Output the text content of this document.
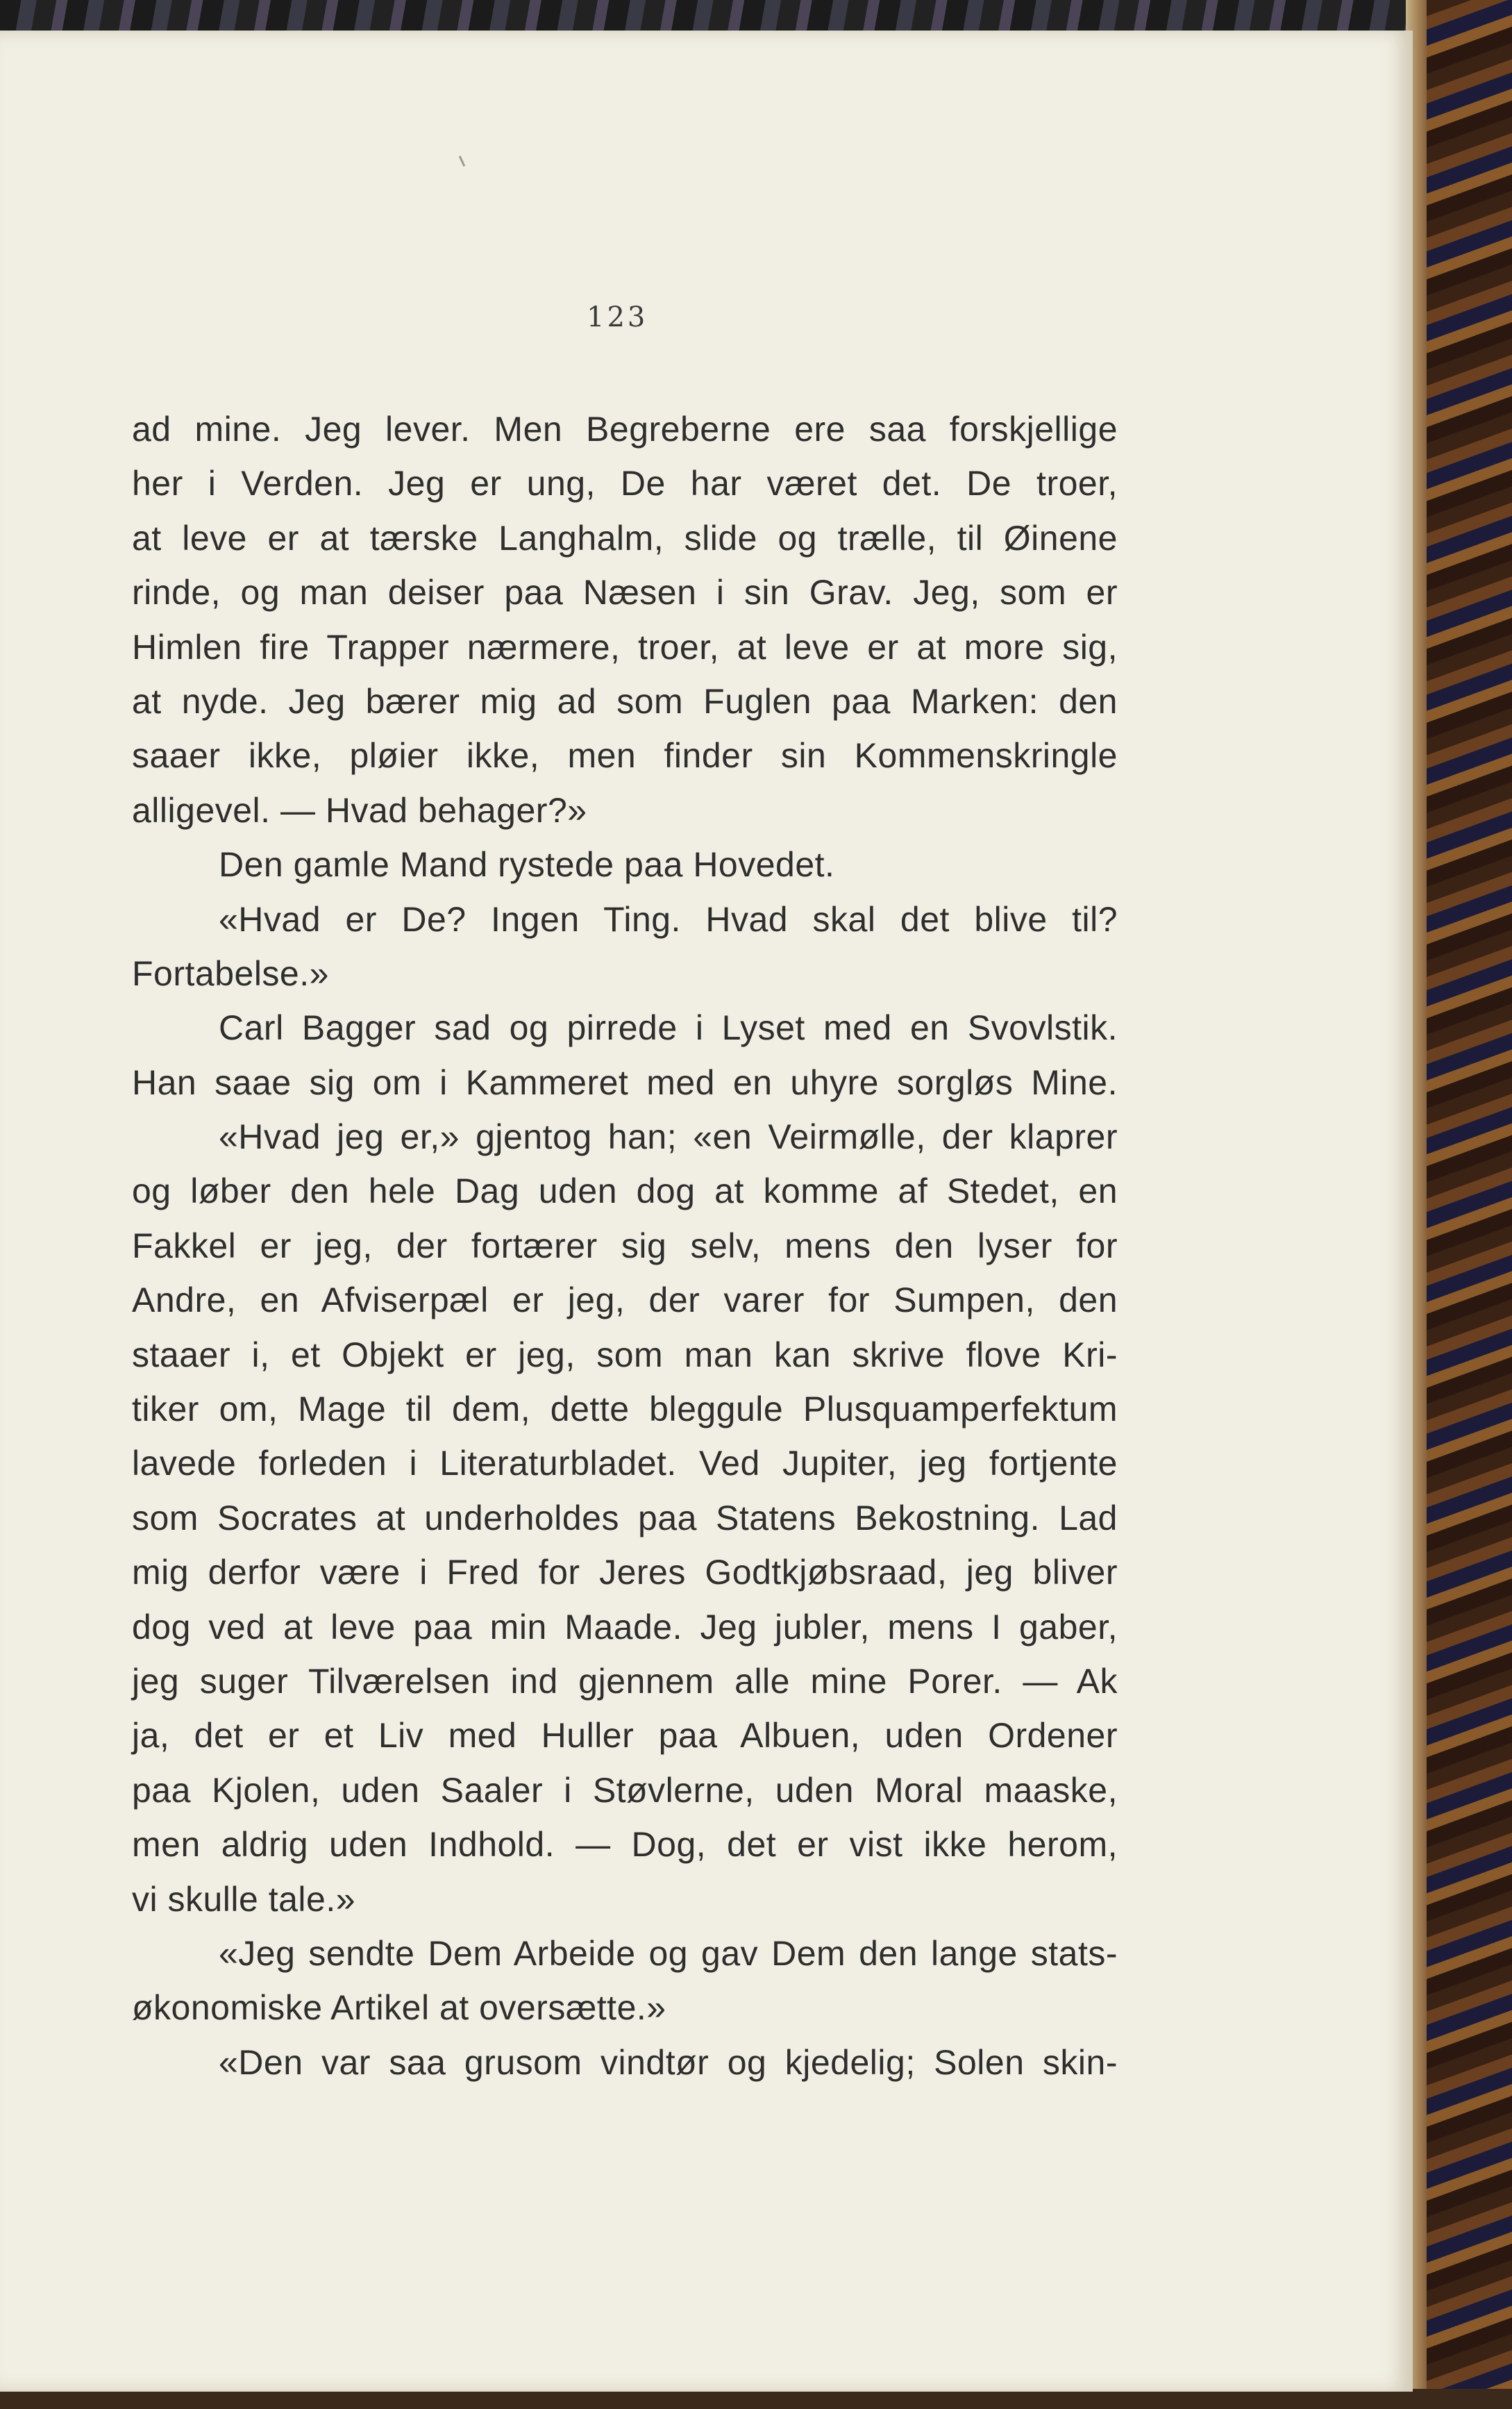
123
ad mine. Jeg lever. Men Begreberne ere saa forskjellige
her i Verden. Jeg er ung, De har været det. De troer,
at leve er at tærske Langhalm, slide og trælle, til Øinene
rinde, og man deiser paa Næsen i sin Grav. Jeg, som er
Himlen fire Trapper nærmere, troer, at leve er at more sig,
at nyde. Jeg bærer mig ad som Fuglen paa Marken: den
saaer ikke, pløier ikke, men finder sin Kommenskringle
alligevel. — Hvad behager?»
Den gamle Mand rystede paa Hovedet.
«Hvad er De? Ingen Ting. Hvad skal det blive til?
Fortabelse.»
Carl Bagger sad og pirrede i Lyset med en Svovlstik.
Han saae sig om i Kammeret med en uhyre sorgløs Mine.
«Hvad jeg er,» gjentog han; «en Veirmølle, der klaprer
og løber den hele Dag uden dog at komme af Stedet, en
Fakkel er jeg, der fortærer sig selv, mens den lyser for
Andre, en Afviserpæl er jeg, der varer for Sumpen, den
staaer i, et Objekt er jeg, som man kan skrive flove Kri-
tiker om, Mage til dem, dette bleggule Plusquamperfektum
lavede forleden i Literaturbladet. Ved Jupiter, jeg fortjente
som Socrates at underholdes paa Statens Bekostning. Lad
mig derfor være i Fred for Jeres Godtkjøbsraad, jeg bliver
dog ved at leve paa min Maade. Jeg jubler, mens I gaber,
jeg suger Tilværelsen ind gjennem alle mine Porer. — Ak
ja, det er et Liv med Huller paa Albuen, uden Ordener
paa Kjolen, uden Saaler i Støvlerne, uden Moral maaske,
men aldrig uden Indhold. — Dog, det er vist ikke herom,
vi skulle tale.»
«Jeg sendte Dem Arbeide og gav Dem den lange stats-
økonomiske Artikel at oversætte.»
«Den var saa grusom vindtør og kjedelig; Solen skin-
